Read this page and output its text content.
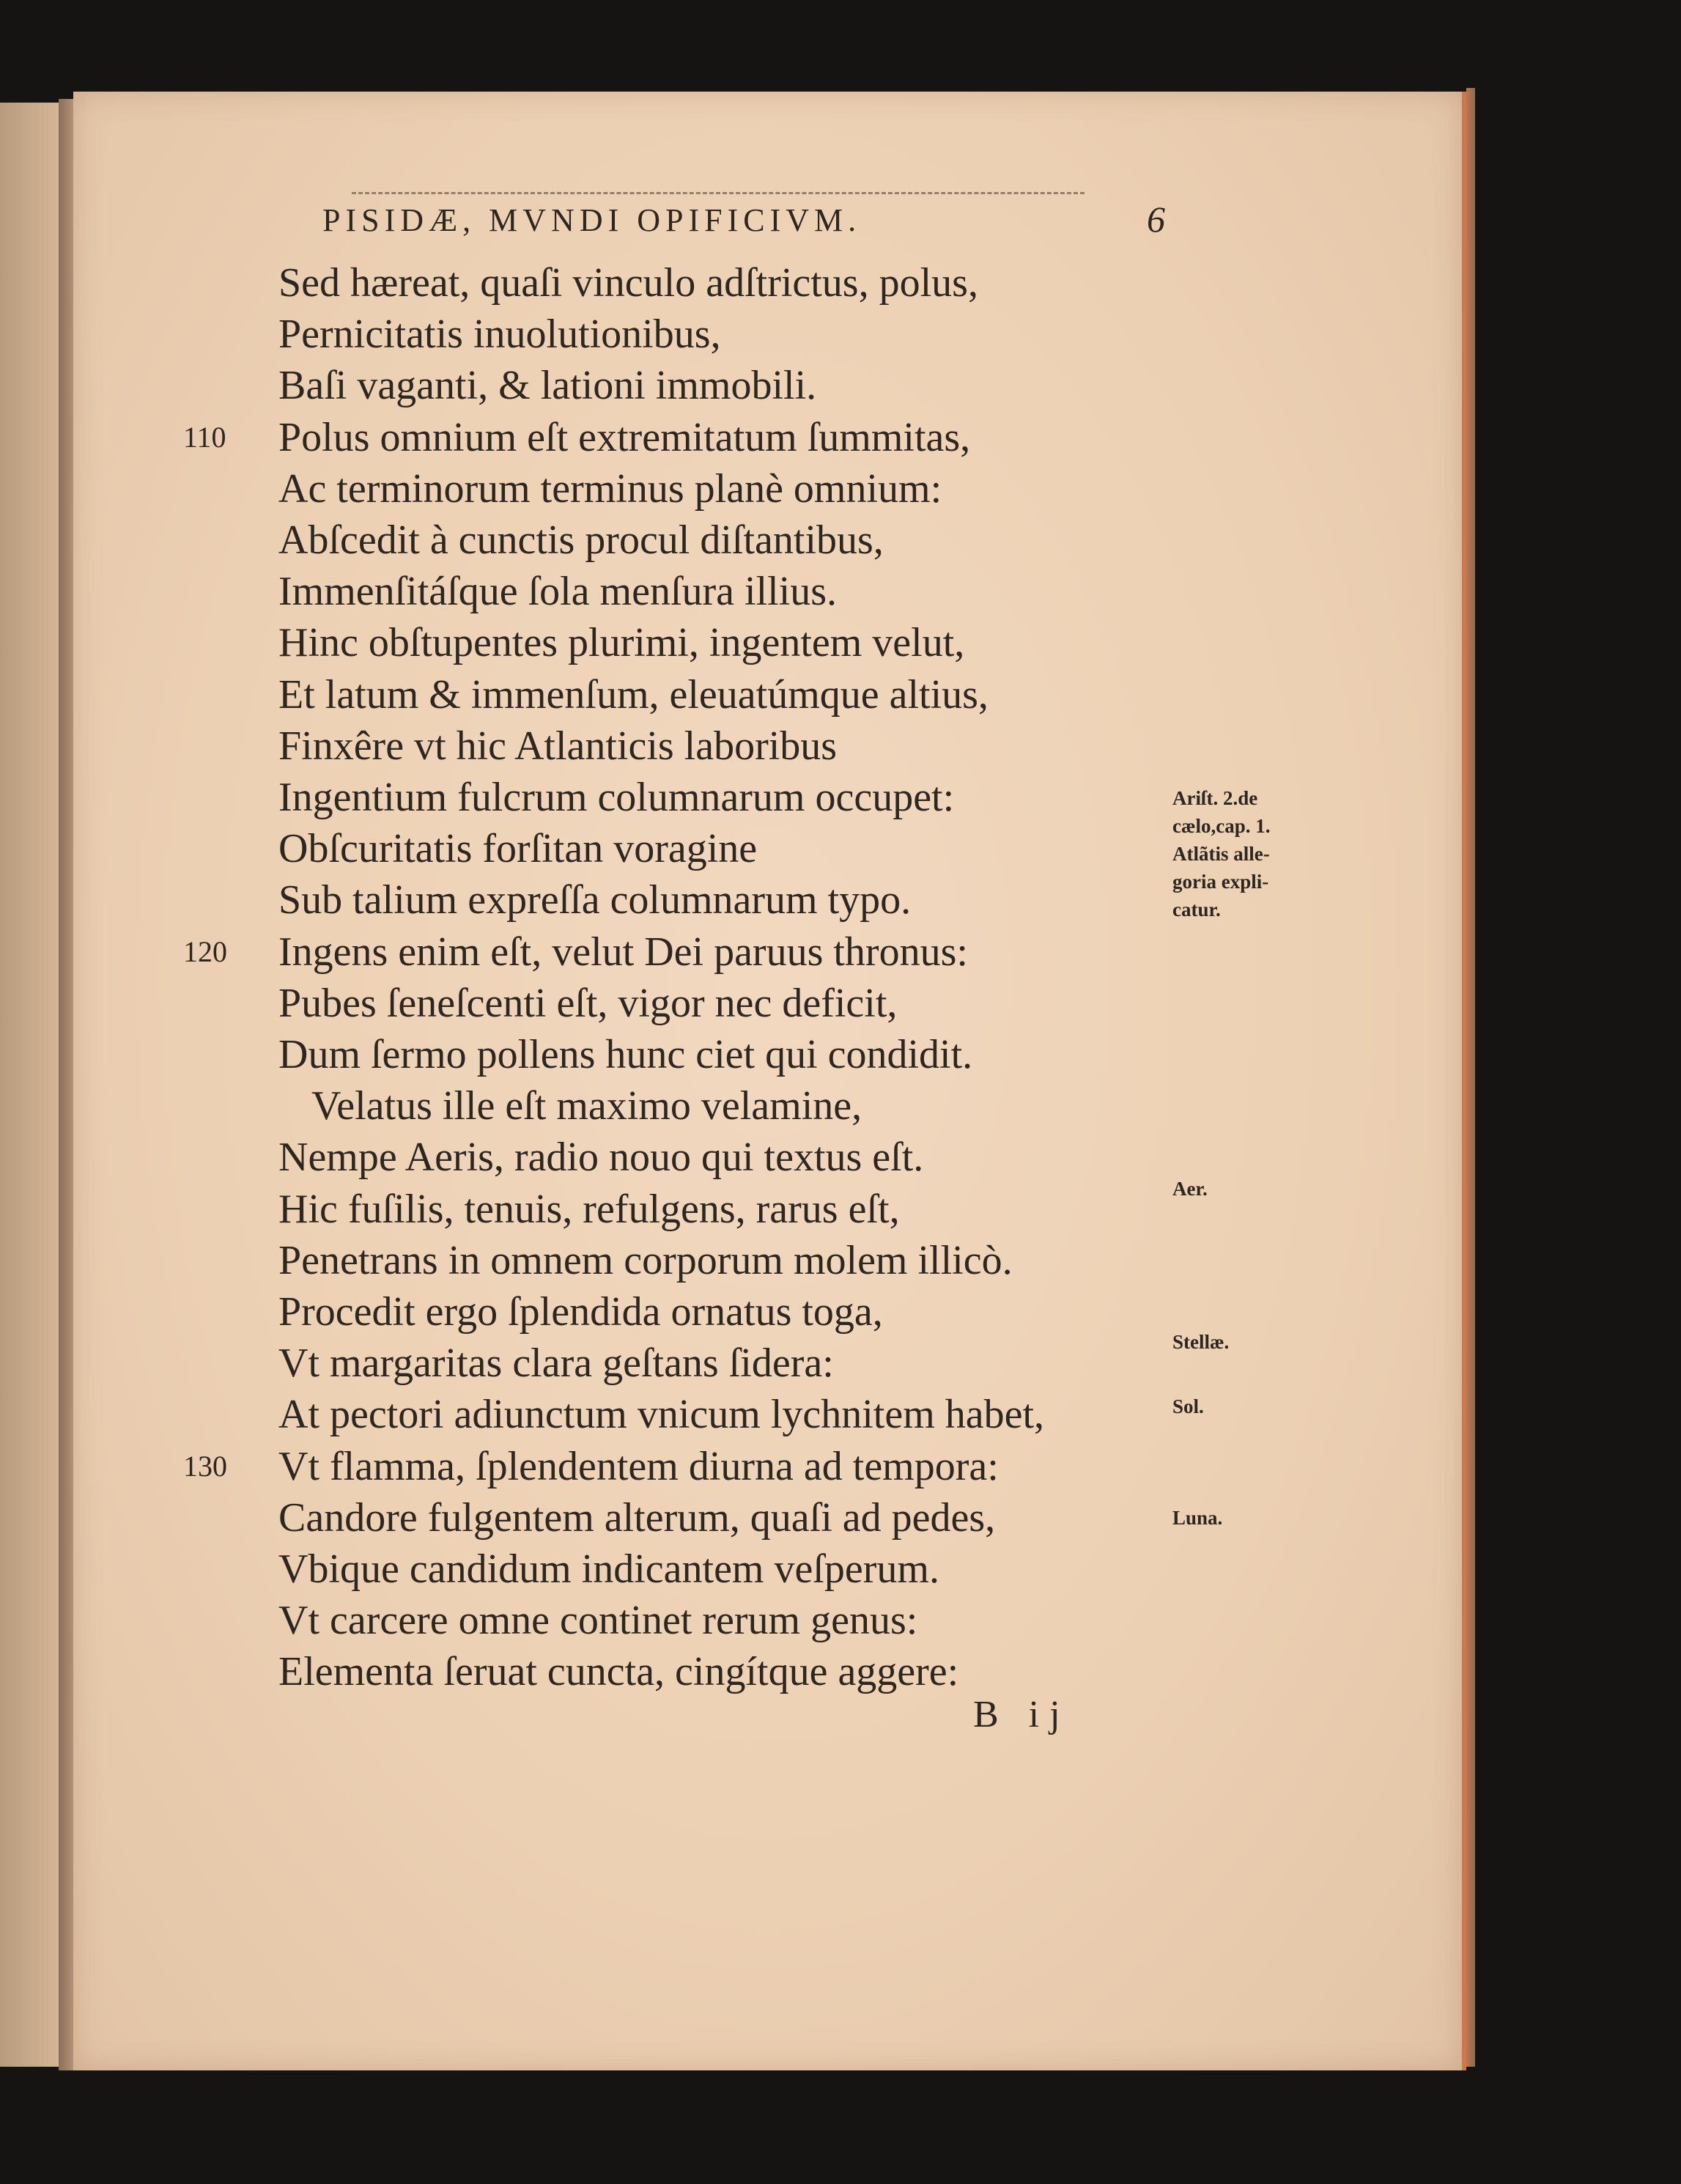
PISIDÆ, MVNDI OPIFICIVM.	6
Sed hæreat, quaſi vinculo adſtrictus, polus,
Pernicitatis inuolutionibus,
Baſi vaganti, & lationi immobili.
Polus omnium eſt extremitatum ſummitas,
Ac terminorum terminus planè omnium:
Abſcedit à cunctis procul diſtantibus,
Immenſitáſque ſola menſura illius.
Hinc obſtupentes plurimi, ingentem velut,
Et latum & immenſum, eleuatúmque altius,
Finxêre vt hic Atlanticis laboribus
Ingentium fulcrum columnarum occupet:
Obſcuritatis forſitan voragine
Sub talium expreſſa columnarum typo.
Ingens enim eſt, velut Dei paruus thronus:
Pubes ſeneſcenti eſt, vigor nec deficit,
Dum ſermo pollens hunc ciet qui condidit.
Velatus ille eſt maximo velamine,
Nempe Aeris, radio nouo qui textus eſt.
Hic fuſilis, tenuis, refulgens, rarus eſt,
Penetrans in omnem corporum molem illicò.
Procedit ergo ſplendida ornatus toga,
Vt margaritas clara geſtans ſidera:
At pectori adiunctum vnicum lychnitem habet,
Vt flamma, ſplendentem diurna ad tempora:
Candore fulgentem alterum, quaſi ad pedes,
Vbique candidum indicantem veſperum.
Vt carcere omne continet rerum genus:
Elementa ſeruat cuncta, cingítque aggere:
110
120
130
Ariſt. 2.de
cælo,cap. 1.
Atlãtis alle-
goria expli-
catur.
Aer.
Stellæ.
Sol.
Luna.
B ij
